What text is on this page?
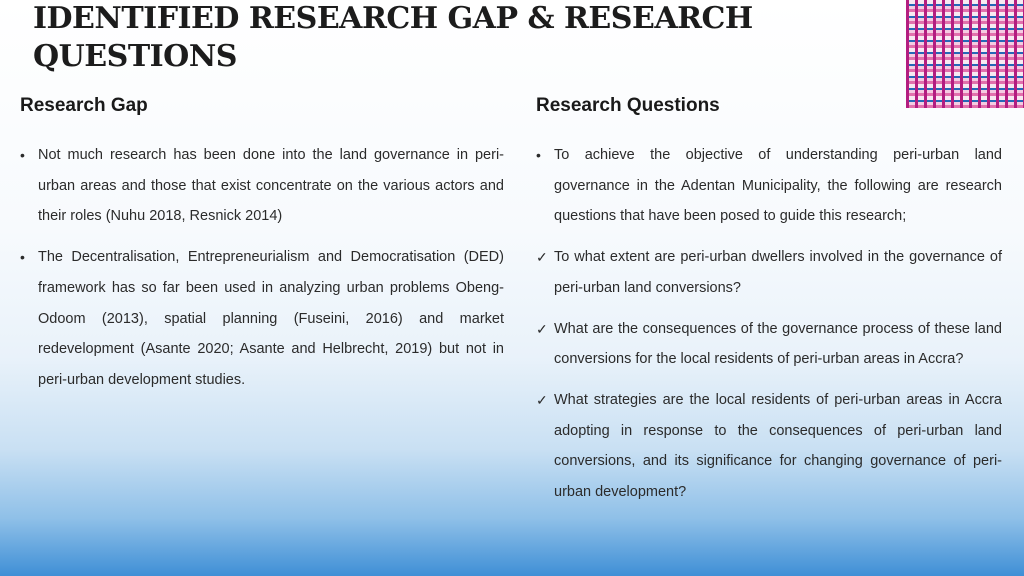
IDENTIFIED RESEARCH GAP & RESEARCH QUESTIONS
Research Gap
• Not much research has been done into the land governance in peri-urban areas and those that exist concentrate on the various actors and their roles (Nuhu 2018, Resnick 2014)
• The Decentralisation, Entrepreneurialism and Democratisation (DED) framework has so far been used in analyzing urban problems Obeng-Odoom (2013), spatial planning (Fuseini, 2016) and market redevelopment (Asante 2020; Asante and Helbrecht, 2019) but not in peri-urban development studies.
Research Questions
• To achieve the objective of understanding peri-urban land governance in the Adentan Municipality, the following are research questions that have been posed to guide this research;
✓ To what extent are peri-urban dwellers involved in the governance of peri-urban land conversions?
✓ What are the consequences of the governance process of these land conversions for the local residents of peri-urban areas in Accra?
✓ What strategies are the local residents of peri-urban areas in Accra adopting in response to the consequences of peri-urban land conversions, and its significance for changing governance of peri-urban development?
